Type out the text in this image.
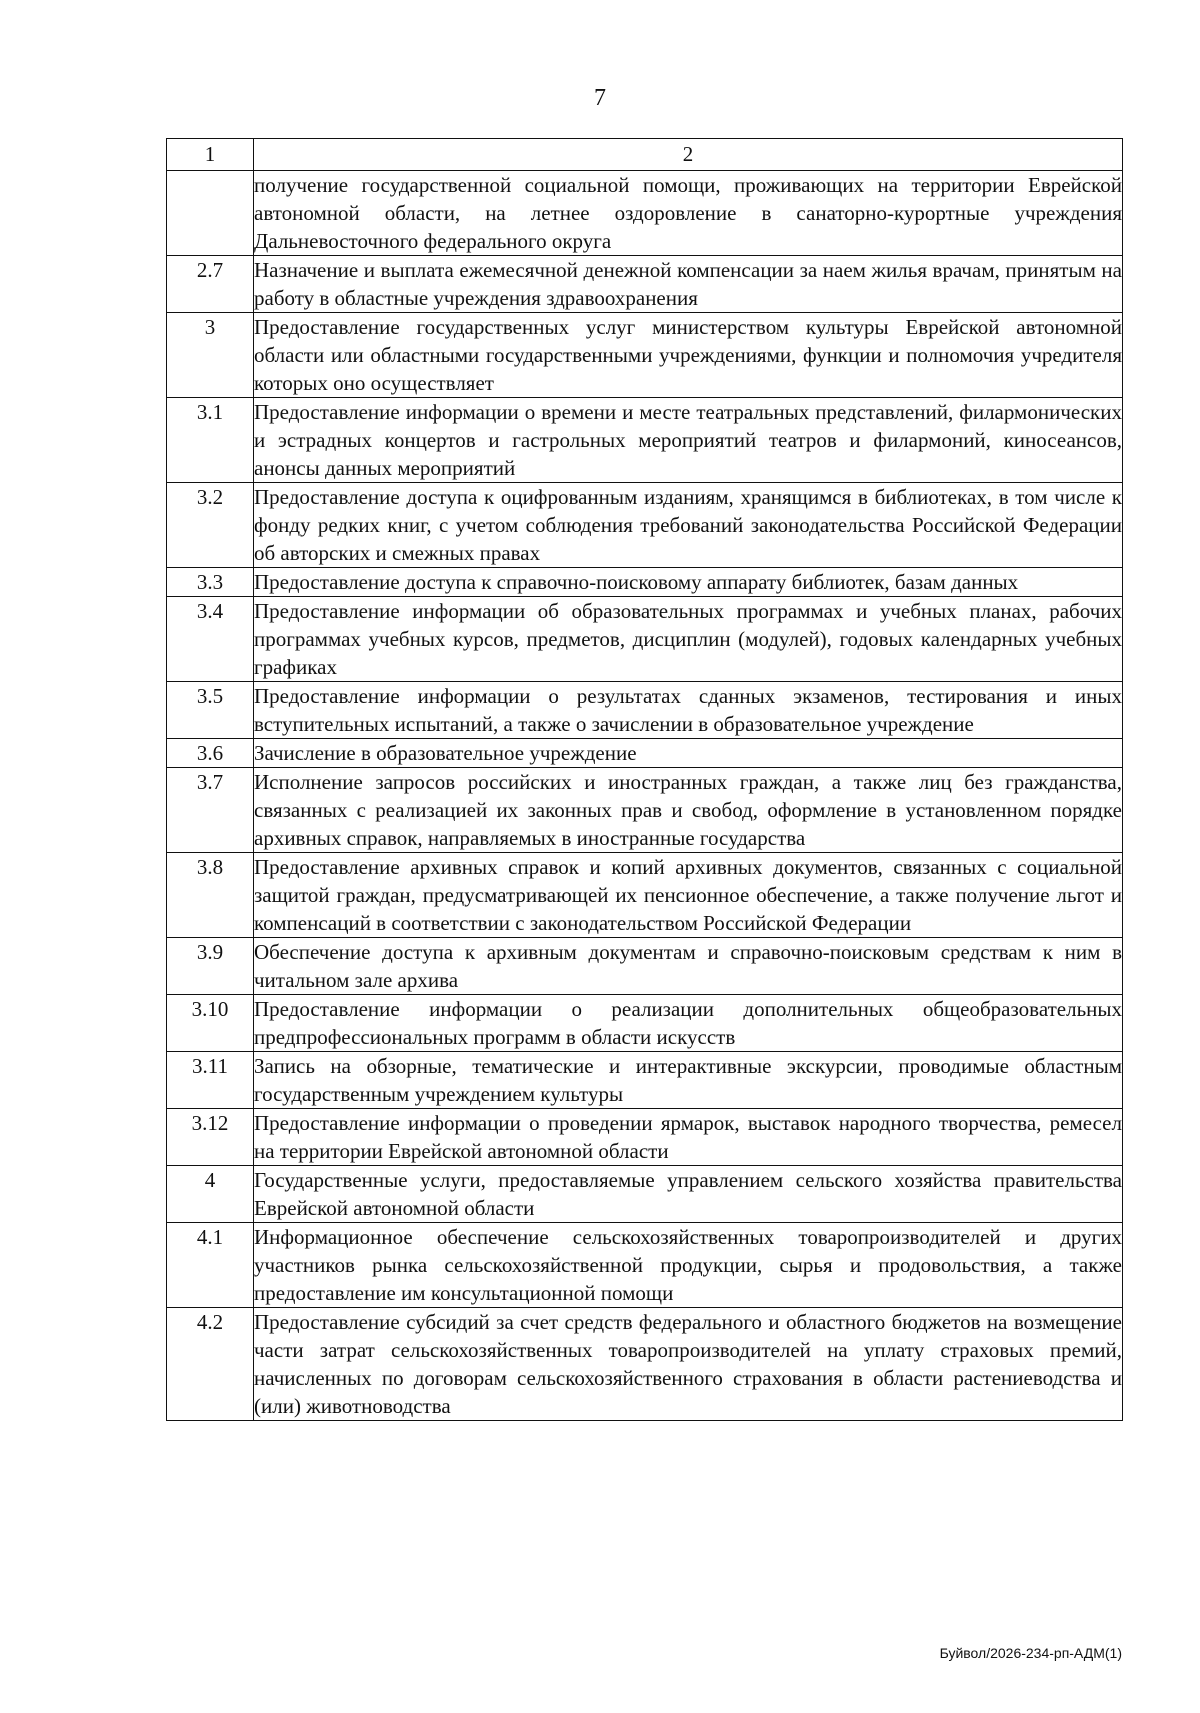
7
1	2
	получение государственной социальной помощи, проживающих на территории Еврейской автономной области, на летнее оздоровление в санаторно-курортные учреждения Дальневосточного федерального округа
2.7	Назначение и выплата ежемесячной денежной компенсации за наем жилья врачам, принятым на работу в областные учреждения здравоохранения
3	Предоставление государственных услуг министерством культуры Еврейской автономной области или областными государственными учреждениями, функции и полномочия учредителя которых оно осуществляет
3.1	Предоставление информации о времени и месте театральных представлений, филармонических и эстрадных концертов и гастрольных мероприятий театров и филармоний, киносеансов, анонсы данных мероприятий
3.2	Предоставление доступа к оцифрованным изданиям, хранящимся в библиотеках, в том числе к фонду редких книг, с учетом соблюдения требований законодательства Российской Федерации об авторских и смежных правах
3.3	Предоставление доступа к справочно-поисковому аппарату библиотек, базам данных
3.4	Предоставление информации об образовательных программах и учебных планах, рабочих программах учебных курсов, предметов, дисциплин (модулей), годовых календарных учебных графиках
3.5	Предоставление информации о результатах сданных экзаменов, тестирования и иных вступительных испытаний, а также о зачислении в образовательное учреждение
3.6	Зачисление в образовательное учреждение
3.7	Исполнение запросов российских и иностранных граждан, а также лиц без гражданства, связанных с реализацией их законных прав и свобод, оформление в установленном порядке архивных справок, направляемых в иностранные государства
3.8	Предоставление архивных справок и копий архивных документов, связанных с социальной защитой граждан, предусматривающей их пенсионное обеспечение, а также получение льгот и компенсаций в соответствии с законодательством Российской Федерации
3.9	Обеспечение доступа к архивным документам и справочно-поисковым средствам к ним в читальном зале архива
3.10	Предоставление информации о реализации дополнительных общеобразовательных предпрофессиональных программ в области искусств
3.11	Запись на обзорные, тематические и интерактивные экскурсии, проводимые областным государственным учреждением культуры
3.12	Предоставление информации о проведении ярмарок, выставок народного творчества, ремесел на территории Еврейской автономной области
4	Государственные услуги, предоставляемые управлением сельского хозяйства правительства Еврейской автономной области
4.1	Информационное обеспечение сельскохозяйственных товаропроизводителей и других участников рынка сельскохозяйственной продукции, сырья и продовольствия, а также предоставление им консультационной помощи
4.2	Предоставление субсидий за счет средств федерального и областного бюджетов на возмещение части затрат сельскохозяйственных товаропроизводителей на уплату страховых премий, начисленных по договорам сельскохозяйственного страхования в области растениеводства и (или) животноводства
Буйвол/2026-234-рп-АДМ(1)
